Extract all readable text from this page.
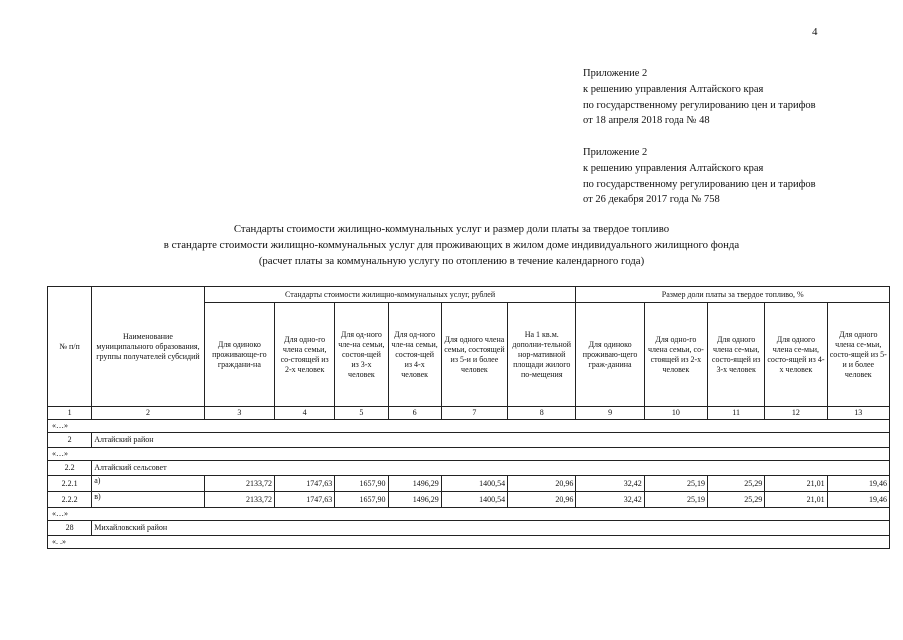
4
Приложение 2
к решению управления Алтайского края
по государственному регулированию цен и тарифов
от 18 апреля 2018 года № 48
Приложение 2
к решению управления Алтайского края
по государственному регулированию цен и тарифов
от 26 декабря 2017 года № 758
Стандарты стоимости жилищно-коммунальных услуг и размер доли платы за твердое топливо
в стандарте стоимости жилищно-коммунальных услуг для проживающих в жилом доме индивидуального жилищного фонда
(расчет платы за коммунальную услугу по отоплению в течение календарного года)
№ п/п	Наименование муниципального образования, группы получателей субсидий	Стандарты стоимости жилищно-коммунальных услуг, рублей						Размер доли платы за твердое топливо, %				
		Для одиноко проживающе-го граждани-на	Для одно-го члена семьи, со-стоящей из 2-х человек	Для од-ного чле-на семьи, состоя-щей из 3-х человек	Для од-ного чле-на семьи, состоя-щей из 4-х человек	Для одного члена семьи, состоящей из 5-и и более человек	На 1 кв.м. дополни-тельной нор-мативной площади жилого по-мещения	Для одиноко проживаю-щего граж-данина	Для одно-го члена семьи, со-стоящей из 2-х человек	Для одного члена се-мьи, состо-ящей из 3-х человек	Для одного члена се-мьи, состо-ящей из 4-х человек	Для одного члена се-мьи, состо-ящей из 5-и и более человек
1	2	3	4	5	6	7	8	9	10	11	12	13
«…»												
2	Алтайский район											
«…»												
2.2	Алтайский сельсовет											
2.2.1	а)	2133,72	1747,63	1657,90	1496,29	1400,54	20,96	32,42	25,19	25,29	21,01	19,46
2.2.2	в)	2133,72	1747,63	1657,90	1496,29	1400,54	20,96	32,42	25,19	25,29	21,01	19,46
«…»												
28	Михайловский район											
«. .»												
